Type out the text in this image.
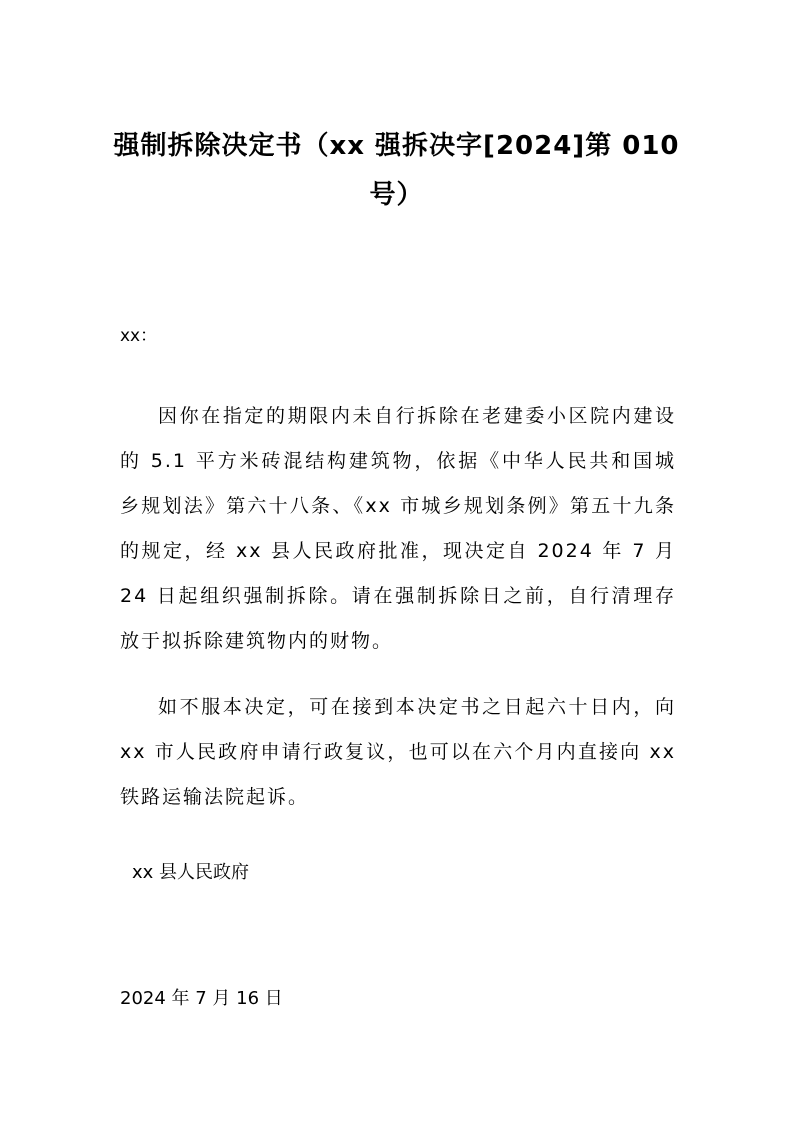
强制拆除决定书（xx 强拆决字[2024]第 010 号）

xx：

因你在指定的期限内未自行拆除在老建委小区院内建设的 5.1 平方米砖混结构建筑物，依据《中华人民共和国城乡规划法》第六十八条、《xx 市城乡规划条例》第五十九条的规定，经 xx 县人民政府批准，现决定自 2024 年 7 月 24 日起组织强制拆除。请在强制拆除日之前，自行清理存放于拟拆除建筑物内的财物。

如不服本决定，可在接到本决定书之日起六十日内，向 xx 市人民政府申请行政复议，也可以在六个月内直接向 xx 铁路运输法院起诉。

xx 县人民政府

2024 年 7 月 16 日
